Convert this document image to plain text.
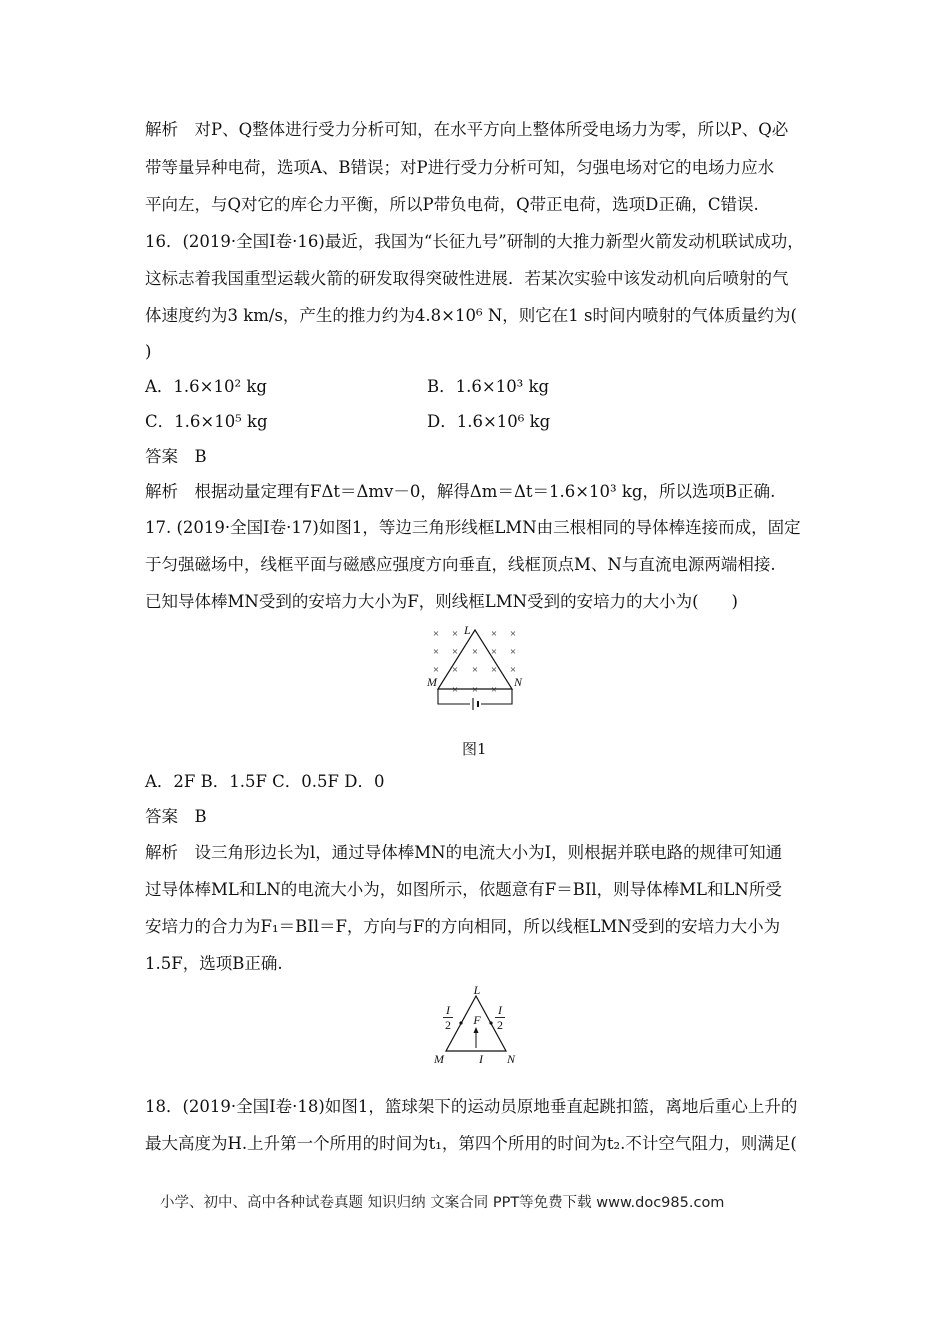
解析　对P、Q整体进行受力分析可知，在水平方向上整体所受电场力为零，所以P、Q必
带等量异种电荷，选项A、B错误；对P进行受力分析可知，匀强电场对它的电场力应水
平向左，与Q对它的库仑力平衡，所以P带负电荷，Q带正电荷，选项D正确，C错误.
16．(2019·全国Ⅰ卷·16)最近，我国为“长征九号”研制的大推力新型火箭发动机联试成功，
这标志着我国重型运载火箭的研发取得突破性进展．若某次实验中该发动机向后喷射的气
体速度约为3 km/s，产生的推力约为4.8×10⁶ N，则它在1 s时间内喷射的气体质量约为(
)
A．1.6×10² kg	B．1.6×10³ kg
C．1.6×10⁵ kg	D．1.6×10⁶ kg
答案　B
解析　根据动量定理有FΔt＝Δmv－0，解得Δm＝Δt＝1.6×10³ kg，所以选项B正确.
17. (2019·全国Ⅰ卷·17)如图1，等边三角形线框LMN由三根相同的导体棒连接而成，固定
于匀强磁场中，线框平面与磁感应强度方向垂直，线框顶点M、N与直流电源两端相接.
已知导体棒MN受到的安培力大小为F，则线框LMN受到的安培力的大小为(　　)
× ×	× ×
× × × × ×
× × × × ×
× × ×
L
M	N
图1
A．2F B．1.5F C．0.5F D．0
答案　B
解析　设三角形边长为l，通过导体棒MN的电流大小为I，则根据并联电路的规律可知通
过导体棒ML和LN的电流大小为，如图所示，依题意有F＝BIl，则导体棒ML和LN所受
安培力的合力为F₁＝BIl＝F，方向与F的方向相同，所以线框LMN受到的安培力大小为
1.5F，选项B正确.
L
M	N
F
I
I
2
I
2
18．(2019·全国Ⅰ卷·18)如图1，篮球架下的运动员原地垂直起跳扣篮，离地后重心上升的
最大高度为H.上升第一个所用的时间为t₁，第四个所用的时间为t₂.不计空气阻力，则满足(
小学、初中、高中各种试卷真题 知识归纳 文案合同 PPT等免费下载 www.doc985.com
